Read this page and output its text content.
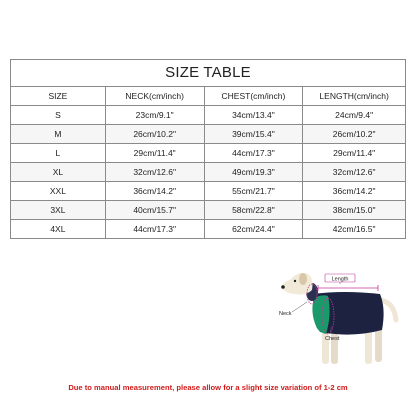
SIZE TABLE
SIZE	NECK(cm/inch)	CHEST(cm/inch)	LENGTH(cm/inch)
S	23cm/9.1"	34cm/13.4"	24cm/9.4"
M	26cm/10.2"	39cm/15.4"	26cm/10.2"
L	29cm/11.4"	44cm/17.3"	29cm/11.4"
XL	32cm/12.6"	49cm/19.3"	32cm/12.6"
XXL	36cm/14.2"	55cm/21.7"	36cm/14.2"
3XL	40cm/15.7"	58cm/22.8"	38cm/15.0"
4XL	44cm/17.3"	62cm/24.4"	42cm/16.5"
Length
Neck
Chest
Due to manual measurement, please allow for a slight size variation of 1-2 cm
